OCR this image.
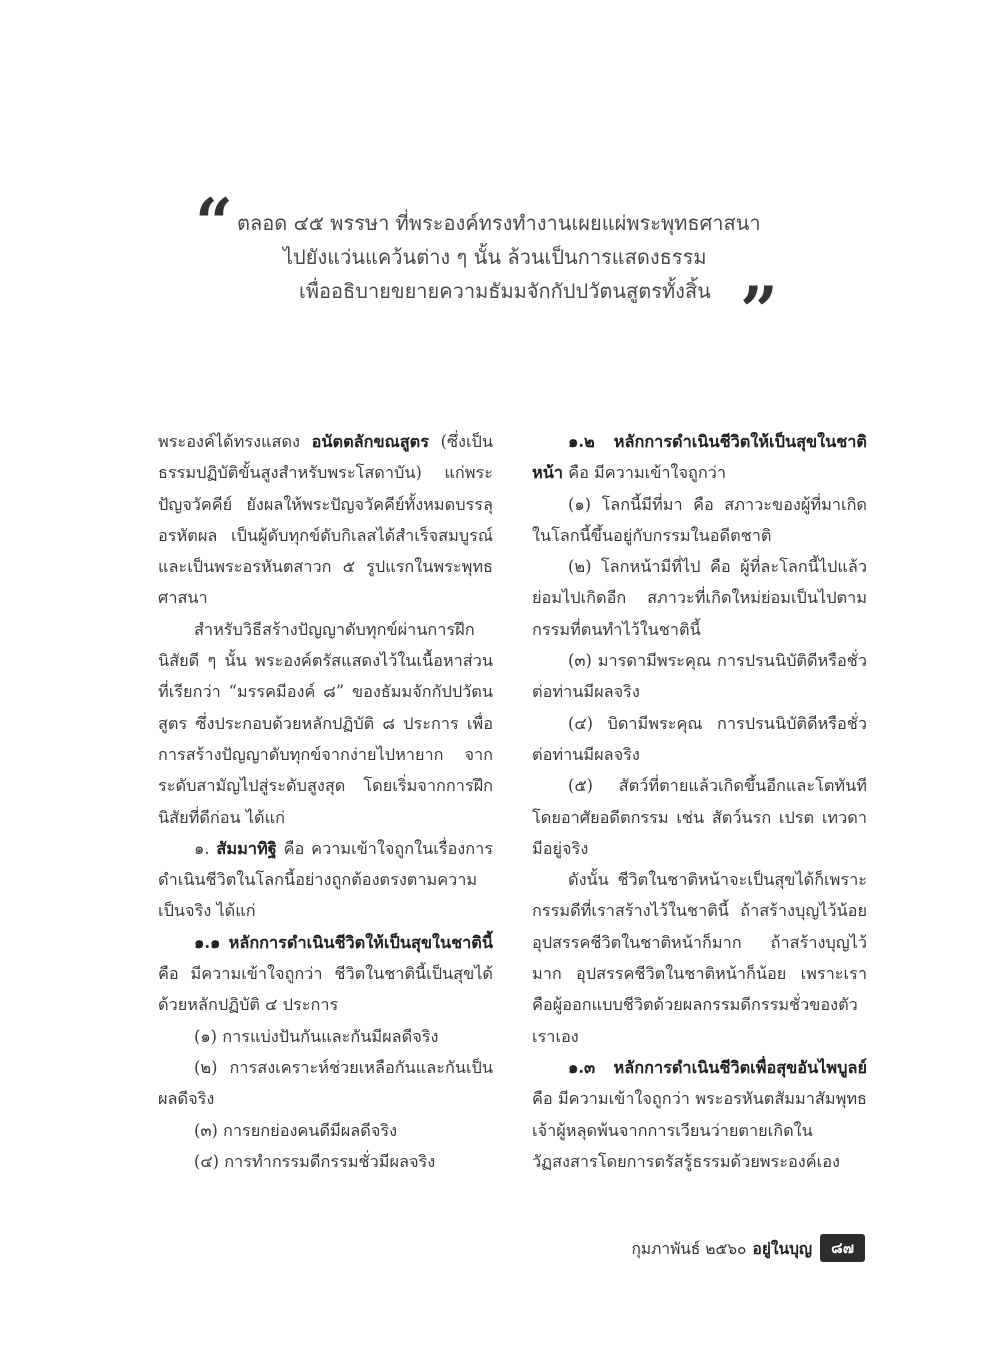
“ ตลอด ๔๕ พรรษา ที่พระองค์ทรงทำงานเผยแผ่พระพุทธศาสนา
ไปยังแว่นแคว้นต่าง ๆ นั้น ล้วนเป็นการแสดงธรรม
เพื่ออธิบายขยายความธัมมจักกัปปวัตนสูตรทั้งสิ้น ”

พระองค์ได้ทรงแสดง อนัตตลักขณสูตร (ซึ่งเป็นธรรมปฏิบัติขั้นสูงสำหรับพระโสดาบัน) แก่พระปัญจวัคคีย์ ยังผลให้พระปัญจวัคคีย์ทั้งหมดบรรลุอรหัตผล เป็นผู้ดับทุกข์ดับกิเลสได้สำเร็จสมบูรณ์ และเป็นพระอรหันตสาวก ๕ รูปแรกในพระพุทธศาสนา

สำหรับวิธีสร้างปัญญาดับทุกข์ผ่านการฝึกนิสัยดี ๆ นั้น พระองค์ตรัสแสดงไว้ในเนื้อหาส่วนที่เรียกว่า “มรรคมีองค์ ๘” ของธัมมจักกัปปวัตนสูตร ซึ่งประกอบด้วยหลักปฏิบัติ ๘ ประการ เพื่อการสร้างปัญญาดับทุกข์จากง่ายไปหายาก จากระดับสามัญไปสู่ระดับสูงสุด โดยเริ่มจากการฝึกนิสัยที่ดีก่อน ได้แก่

๑. สัมมาทิฐิ คือ ความเข้าใจถูกในเรื่องการดำเนินชีวิตในโลกนี้อย่างถูกต้องตรงตามความเป็นจริง ได้แก่

๑.๑ หลักการดำเนินชีวิตให้เป็นสุขในชาตินี้ คือ มีความเข้าใจถูกว่า ชีวิตในชาตินี้เป็นสุขได้ด้วยหลักปฏิบัติ ๔ ประการ

(๑) การแบ่งปันกันและกันมีผลดีจริง

(๒) การสงเคราะห์ช่วยเหลือกันและกันเป็นผลดีจริง

(๓) การยกย่องคนดีมีผลดีจริง

(๔) การทำกรรมดีกรรมชั่วมีผลจริง

๑.๒ หลักการดำเนินชีวิตให้เป็นสุขในชาติหน้า คือ มีความเข้าใจถูกว่า

(๑) โลกนี้มีที่มา คือ สภาวะของผู้ที่มาเกิดในโลกนี้ขึ้นอยู่กับกรรมในอดีตชาติ

(๒) โลกหน้ามีที่ไป คือ ผู้ที่ละโลกนี้ไปแล้วย่อมไปเกิดอีก สภาวะที่เกิดใหม่ย่อมเป็นไปตามกรรมที่ตนทำไว้ในชาตินี้

(๓) มารดามีพระคุณ การปรนนิบัติดีหรือชั่วต่อท่านมีผลจริง

(๔) บิดามีพระคุณ การปรนนิบัติดีหรือชั่วต่อท่านมีผลจริง

(๕) สัตว์ที่ตายแล้วเกิดขึ้นอีกและโตทันทีโดยอาศัยอดีตกรรม เช่น สัตว์นรก เปรต เทวดา มีอยู่จริง

ดังนั้น ชีวิตในชาติหน้าจะเป็นสุขได้ก็เพราะกรรมดีที่เราสร้างไว้ในชาตินี้ ถ้าสร้างบุญไว้น้อย อุปสรรคชีวิตในชาติหน้าก็มาก ถ้าสร้างบุญไว้มาก อุปสรรคชีวิตในชาติหน้าก็น้อย เพราะเราคือผู้ออกแบบชีวิตด้วยผลกรรมดีกรรมชั่วของตัวเราเอง

๑.๓ หลักการดำเนินชีวิตเพื่อสุขอันไพบูลย์ คือ มีความเข้าใจถูกว่า พระอรหันตสัมมาสัมพุทธเจ้าผู้หลุดพ้นจากการเวียนว่ายตายเกิดในวัฏสงสารโดยการตรัสรู้ธรรมด้วยพระองค์เอง

กุมภาพันธ์ ๒๕๖๐ อยู่ในบุญ	๘๗
